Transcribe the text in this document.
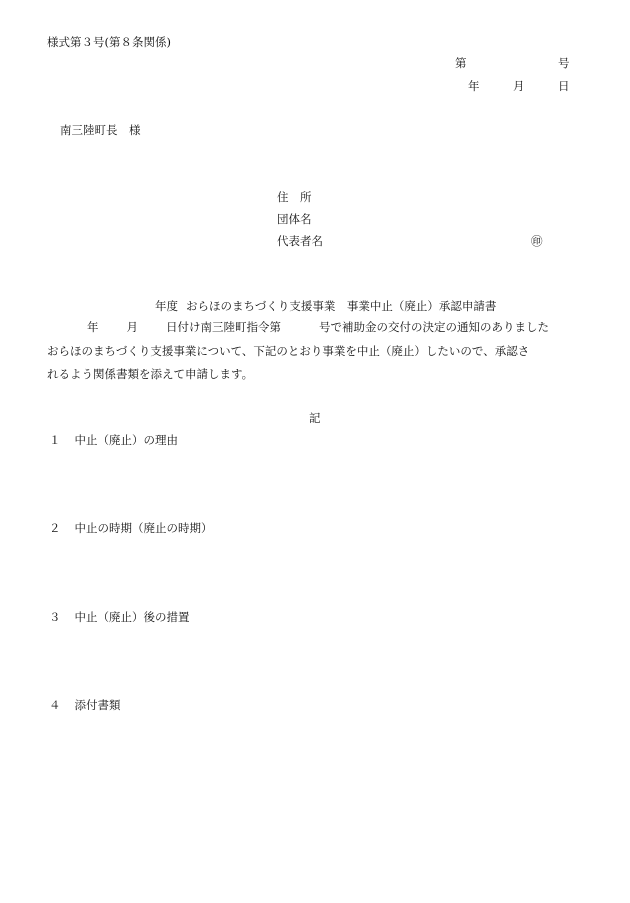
様式第３号(第８条関係)
第	号
年	月	日
南三陸町長　様
住　所
団体名
代表者名	㊞
年度 おらほのまちづくり支援事業　事業中止（廃止）承認申請書
年 月 日付け南三陸町指令第	号で補助金の交付の決定の通知のありました
おらほのまちづくり支援事業について、下記のとおり事業を中止（廃止）したいので、承認さ
れるよう関係書類を添えて申請します。
記
１ 中止（廃止）の理由
２ 中止の時期（廃止の時期）
３ 中止（廃止）後の措置
４ 添付書類
